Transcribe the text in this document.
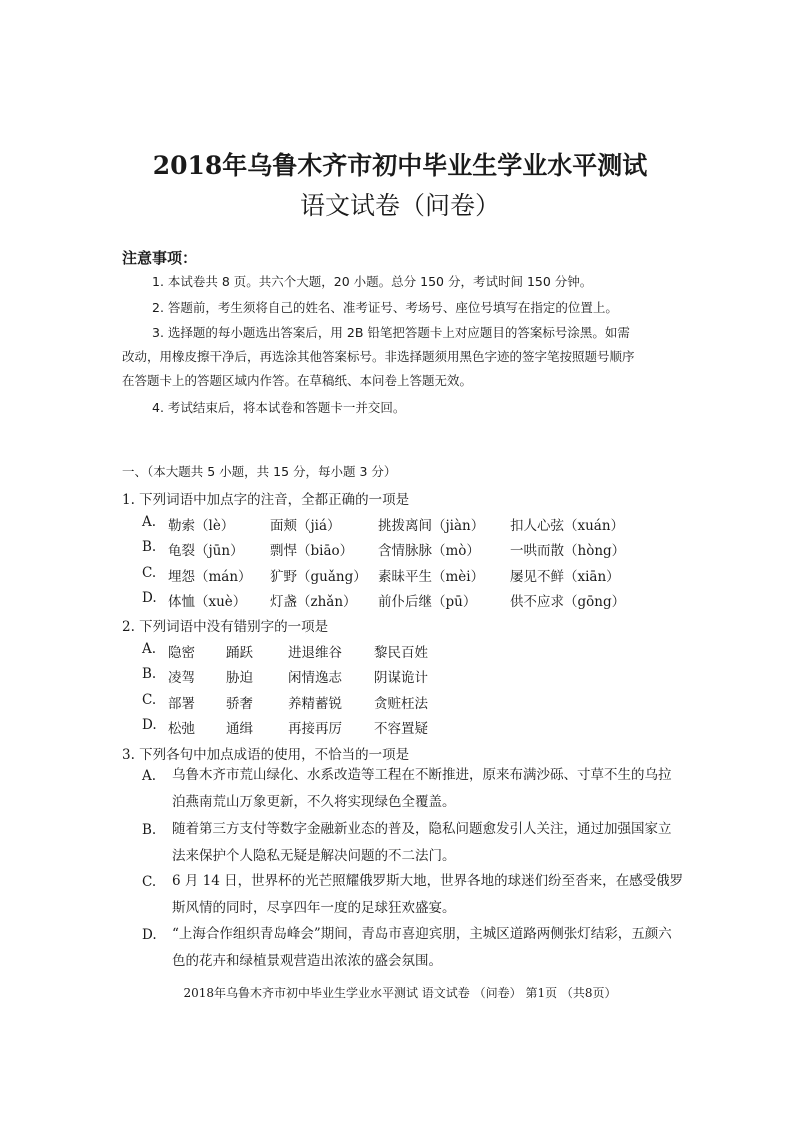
2018年乌鲁木齐市初中毕业生学业水平测试
语文试卷（问卷）
注意事项：
1. 本试卷共 8 页。共六个大题，20 小题。总分 150 分，考试时间 150 分钟。
2. 答题前，考生须将自己的姓名、准考证号、考场号、座位号填写在指定的位置上。
3. 选择题的每小题选出答案后，用 2B 铅笔把答题卡上对应题目的答案标号涂黑。如需
改动，用橡皮擦干净后，再选涂其他答案标号。非选择题须用黑色字迹的签字笔按照题号顺序
在答题卡上的答题区域内作答。在草稿纸、本问卷上答题无效。
4. 考试结束后，将本试卷和答题卡一并交回。
一、（本大题共 5 小题，共 15 分，每小题 3 分）
1. 下列词语中加点字的注音，全都正确的一项是
A. 勒索（lè）	面颊（jiá）	挑拨离间（jiàn） 扣人心弦（xuán）
B. 龟裂（jūn） 剽悍（biāo） 含情脉脉（mò） 一哄而散（hòng）
C. 埋怨（mán） 犷野（guǎng） 素昧平生（mèi） 屡见不鲜（xiān）
D. 体恤（xuè） 灯盏（zhǎn） 前仆后继（pū） 供不应求（gōng）
2. 下列词语中没有错别字的一项是
A. 隐密 踊跃	进退维谷 黎民百姓
B. 凌驾 胁迫	闲情逸志 阴谋诡计
C. 部署 骄奢	养精蓄锐 贪赃枉法
D. 松弛 通缉	再接再厉 不容置疑
3. 下列各句中加点成语的使用，不恰当的一项是
A. 乌鲁木齐市荒山绿化、水系改造等工程在不断推进，原来布满沙砾、寸草不生的乌拉
泊燕南荒山万象更新，不久将实现绿色全覆盖。
B. 随着第三方支付等数字金融新业态的普及，隐私问题愈发引人关注，通过加强国家立
法来保护个人隐私无疑是解决问题的不二法门。
C. 6 月 14 日，世界杯的光芒照耀俄罗斯大地，世界各地的球迷们纷至沓来，在感受俄罗
斯风情的同时，尽享四年一度的足球狂欢盛宴。
D. “上海合作组织青岛峰会”期间，青岛市喜迎宾朋，主城区道路两侧张灯结彩，五颜六
色的花卉和绿植景观营造出浓浓的盛会氛围。
2018年乌鲁木齐市初中毕业生学业水平测试 语文试卷 （问卷） 第1页 （共8页）
